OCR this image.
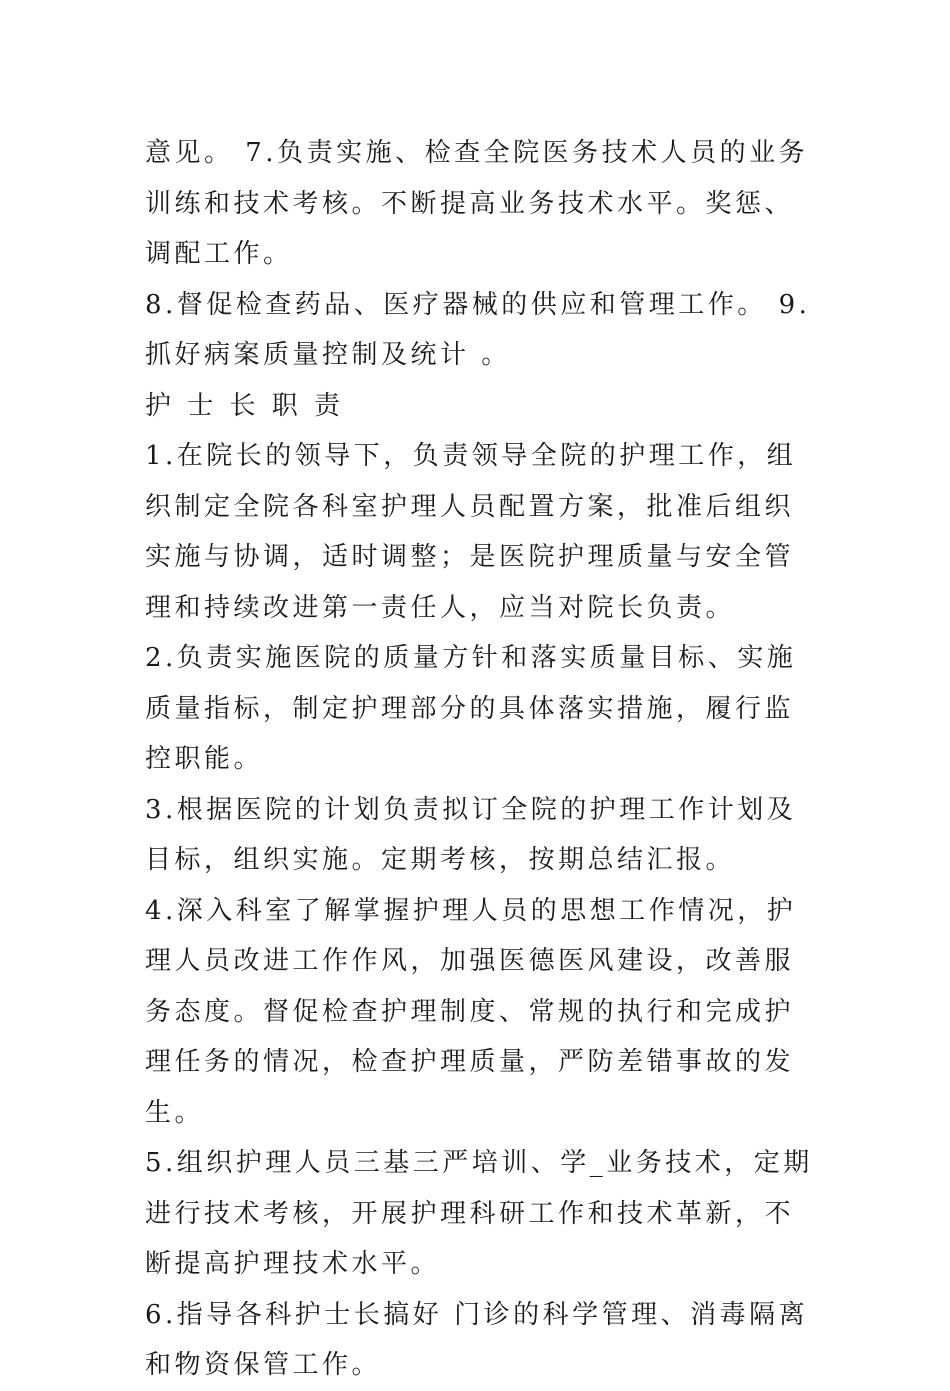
意见。 7.负责实施、检查全院医务技术人员的业务训练和技术考核。不断提高业务技术水平。奖惩、调配工作。

8.督促检查药品、医疗器械的供应和管理工作。 9.抓好病案质量控制及统计 。

护 士 长 职 责

1.在院长的领导下，负责领导全院的护理工作，组织制定全院各科室护理人员配置方案，批准后组织实施与协调，适时调整；是医院护理质量与安全管理和持续改进第一责任人，应当对院长负责。

2.负责实施医院的质量方针和落实质量目标、实施质量指标，制定护理部分的具体落实措施，履行监控职能。

3.根据医院的计划负责拟订全院的护理工作计划及目标，组织实施。定期考核，按期总结汇报。

4.深入科室了解掌握护理人员的思想工作情况，护理人员改进工作作风，加强医德医风建设，改善服务态度。督促检查护理制度、常规的执行和完成护理任务的情况，检查护理质量，严防差错事故的发生。

5.组织护理人员三基三严培训、学_业务技术，定期进行技术考核，开展护理科研工作和技术革新，不断提高护理技术水平。

6.指导各科护士长搞好 门诊的科学管理、消毒隔离和物资保管工作。
